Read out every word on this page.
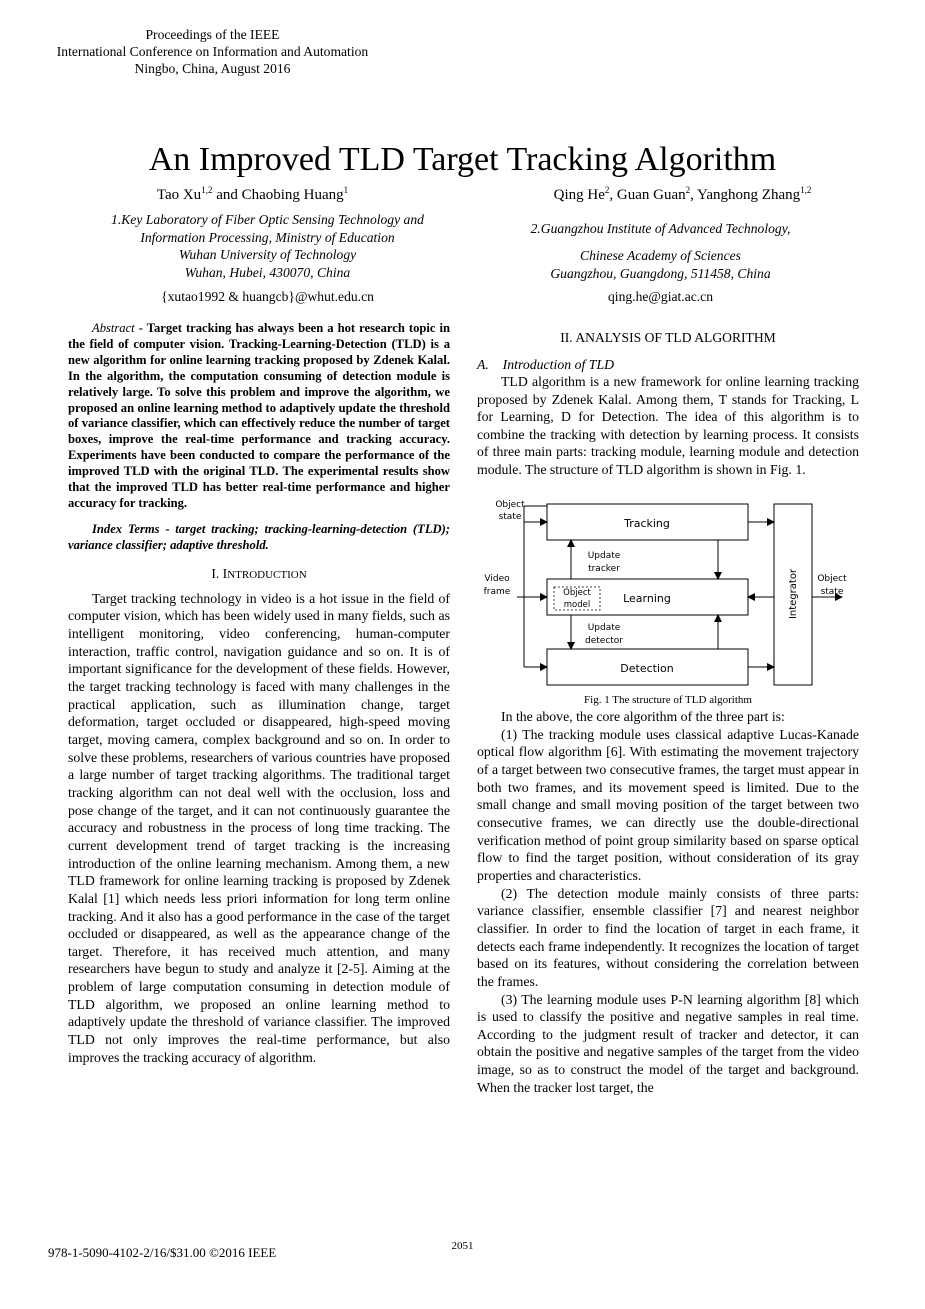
Proceedings of the IEEE
International Conference on Information and Automation
Ningbo, China, August 2016
An Improved TLD Target Tracking Algorithm
Tao Xu$^{1,2}$ and Chaobing Huang$^1$	Qing He$^2$, Guan Guan$^2$, Yanghong Zhang$^{1,2}$
1.Key Laboratory of Fiber Optic Sensing Technology and
Information Processing, Ministry of Education
Wuhan University of Technology
Wuhan, Hubei, 430070, China
{xutao1992 & huangcb}@whut.edu.cn
2.Guangzhou Institute of Advanced Technology,
Chinese Academy of Sciences
Guangzhou, Guangdong, 511458, China
qing.he@giat.ac.cn

Abstract - Target tracking has always been a hot research topic in the field of computer vision. Tracking-Learning-Detection (TLD) is a new algorithm for online learning tracking proposed by Zdenek Kalal. In the algorithm, the computation consuming of detection module is relatively large. To solve this problem and improve the algorithm, we proposed an online learning method to adaptively update the threshold of variance classifier, which can effectively reduce the number of target boxes, improve the real-time performance and tracking accuracy. Experiments have been conducted to compare the performance of the improved TLD with the original TLD. The experimental results show that the improved TLD has better real-time performance and higher accuracy for tracking.

Index Terms - target tracking; tracking-learning-detection (TLD); variance classifier; adaptive threshold.

I. INTRODUCTION

Target tracking technology in video is a hot issue in the field of computer vision, which has been widely used in many fields, such as intelligent monitoring, video conferencing, human-computer interaction, traffic control, navigation guidance and so on. It is of important significance for the development of these fields. However, the target tracking technology is faced with many challenges in the practical application, such as illumination change, target deformation, target occluded or disappeared, high-speed moving target, moving camera, complex background and so on. In order to solve these problems, researchers of various countries have proposed a large number of target tracking algorithms. The traditional target tracking algorithm can not deal well with the occlusion, loss and pose change of the target, and it can not continuously guarantee the accuracy and robustness in the process of long time tracking. The current development trend of target tracking is the increasing introduction of the online learning mechanism. Among them, a new TLD framework for online learning tracking is proposed by Zdenek Kalal [1] which needs less priori information for long term online tracking. And it also has a good performance in the case of the target occluded or disappeared, as well as the appearance change of the target. Therefore, it has received much attention, and many researchers have begun to study and analyze it [2-5]. Aiming at the problem of large computation consuming in detection module of TLD algorithm, we proposed an online learning method to adaptively update the threshold of variance classifier. The improved TLD not only improves the real-time performance, but also improves the tracking accuracy of algorithm.

II. ANALYSIS OF TLD ALGORITHM

A.    Introduction of TLD

TLD algorithm is a new framework for online learning tracking proposed by Zdenek Kalal. Among them, T stands for Tracking, L for Learning, D for Detection. The idea of this algorithm is to combine the tracking with detection by learning process. It consists of three main parts: tracking module, learning module and detection module. The structure of TLD algorithm is shown in Fig. 1.

Tracking
Learning
Detection
Integrator
Object
model
Object
state
Video
frame
Update
tracker
Update
detector
Object
state
Fig. 1 The structure of TLD algorithm

In the above, the core algorithm of the three part is:

(1) The tracking module uses classical adaptive Lucas-Kanade optical flow algorithm [6]. With estimating the movement trajectory of a target between two consecutive frames, the target must appear in both two frames, and its movement speed is limited. Due to the small change and small moving position of the target between two consecutive frames, we can directly use the double-directional verification method of point group similarity based on sparse optical flow to find the target position, without consideration of its gray properties and characteristics.

(2) The detection module mainly consists of three parts: variance classifier, ensemble classifier [7] and nearest neighbor classifier. In order to find the location of target in each frame, it detects each frame independently. It recognizes the location of target based on its features, without considering the correlation between the frames.

(3) The learning module uses P-N learning algorithm [8] which is used to classify the positive and negative samples in real time. According to the judgment result of tracker and detector, it can obtain the positive and negative samples of the target from the video image, so as to construct the model of the target and background. When the tracker lost target, the

978-1-5090-4102-2/16/$31.00 ©2016 IEEE	2051
